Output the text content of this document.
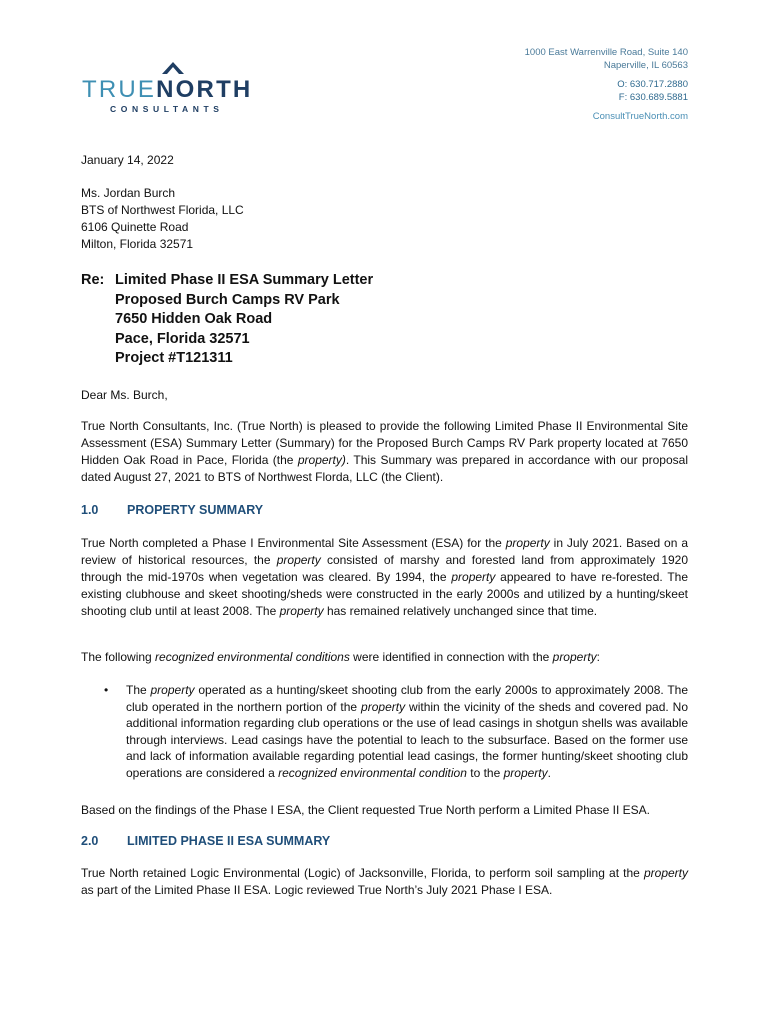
TRUENORTH
CONSULTANTS
1000 East Warrenville Road, Suite 140
Naperville, IL 60563
O: 630.717.2880
F: 630.689.5881
ConsultTrueNorth.com
January 14, 2022
Ms. Jordan Burch
BTS of Northwest Florida, LLC
6106 Quinette Road
Milton, Florida 32571
Re: Limited Phase II ESA Summary Letter
Proposed Burch Camps RV Park
7650 Hidden Oak Road
Pace, Florida 32571
Project #T121311
Dear Ms. Burch,
True North Consultants, Inc. (True North) is pleased to provide the following Limited Phase II Environmental Site Assessment (ESA) Summary Letter (Summary) for the Proposed Burch Camps RV Park property located at 7650 Hidden Oak Road in Pace, Florida (the property). This Summary was prepared in accordance with our proposal dated August 27, 2021 to BTS of Northwest Florda, LLC (the Client).
1.0 PROPERTY SUMMARY
True North completed a Phase I Environmental Site Assessment (ESA) for the property in July 2021. Based on a review of historical resources, the property consisted of marshy and forested land from approximately 1920 through the mid-1970s when vegetation was cleared. By 1994, the property appeared to have re-forested. The existing clubhouse and skeet shooting/sheds were constructed in the early 2000s and utilized by a hunting/skeet shooting club until at least 2008. The property has remained relatively unchanged since that time.
The following recognized environmental conditions were identified in connection with the property:
• The property operated as a hunting/skeet shooting club from the early 2000s to approximately 2008. The club operated in the northern portion of the property within the vicinity of the sheds and covered pad. No additional information regarding club operations or the use of lead casings in shotgun shells was available through interviews. Lead casings have the potential to leach to the subsurface. Based on the former use and lack of information available regarding potential lead casings, the former hunting/skeet shooting club operations are considered a recognized environmental condition to the property.
Based on the findings of the Phase I ESA, the Client requested True North perform a Limited Phase II ESA.
2.0 LIMITED PHASE II ESA SUMMARY
True North retained Logic Environmental (Logic) of Jacksonville, Florida, to perform soil sampling at the property as part of the Limited Phase II ESA. Logic reviewed True North’s July 2021 Phase I ESA.
